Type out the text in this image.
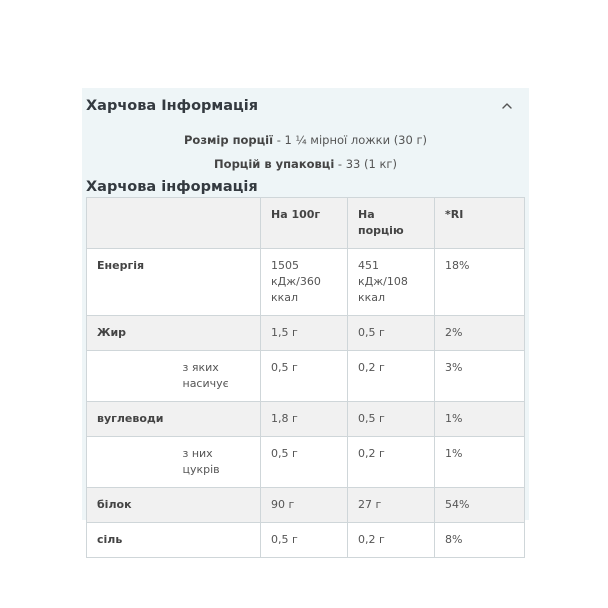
Харчова Інформація
Розмір порції - 1 ¼ мірної ложки (30 г)
Порцій в упаковці - 33 (1 кг)
Харчова інформація
		На 100г	На порцію	*RI
Енергія		1505 кДж/360 ккал	451 кДж/108 ккал	18%
Жир		1,5 г	0,5 г	2%
	з яких насичує	0,5 г	0,2 г	3%
вуглеводи		1,8 г	0,5 г	1%
	з них цукрів	0,5 г	0,2 г	1%
білок		90 г	27 г	54%
сіль		0,5 г	0,2 г	8%
